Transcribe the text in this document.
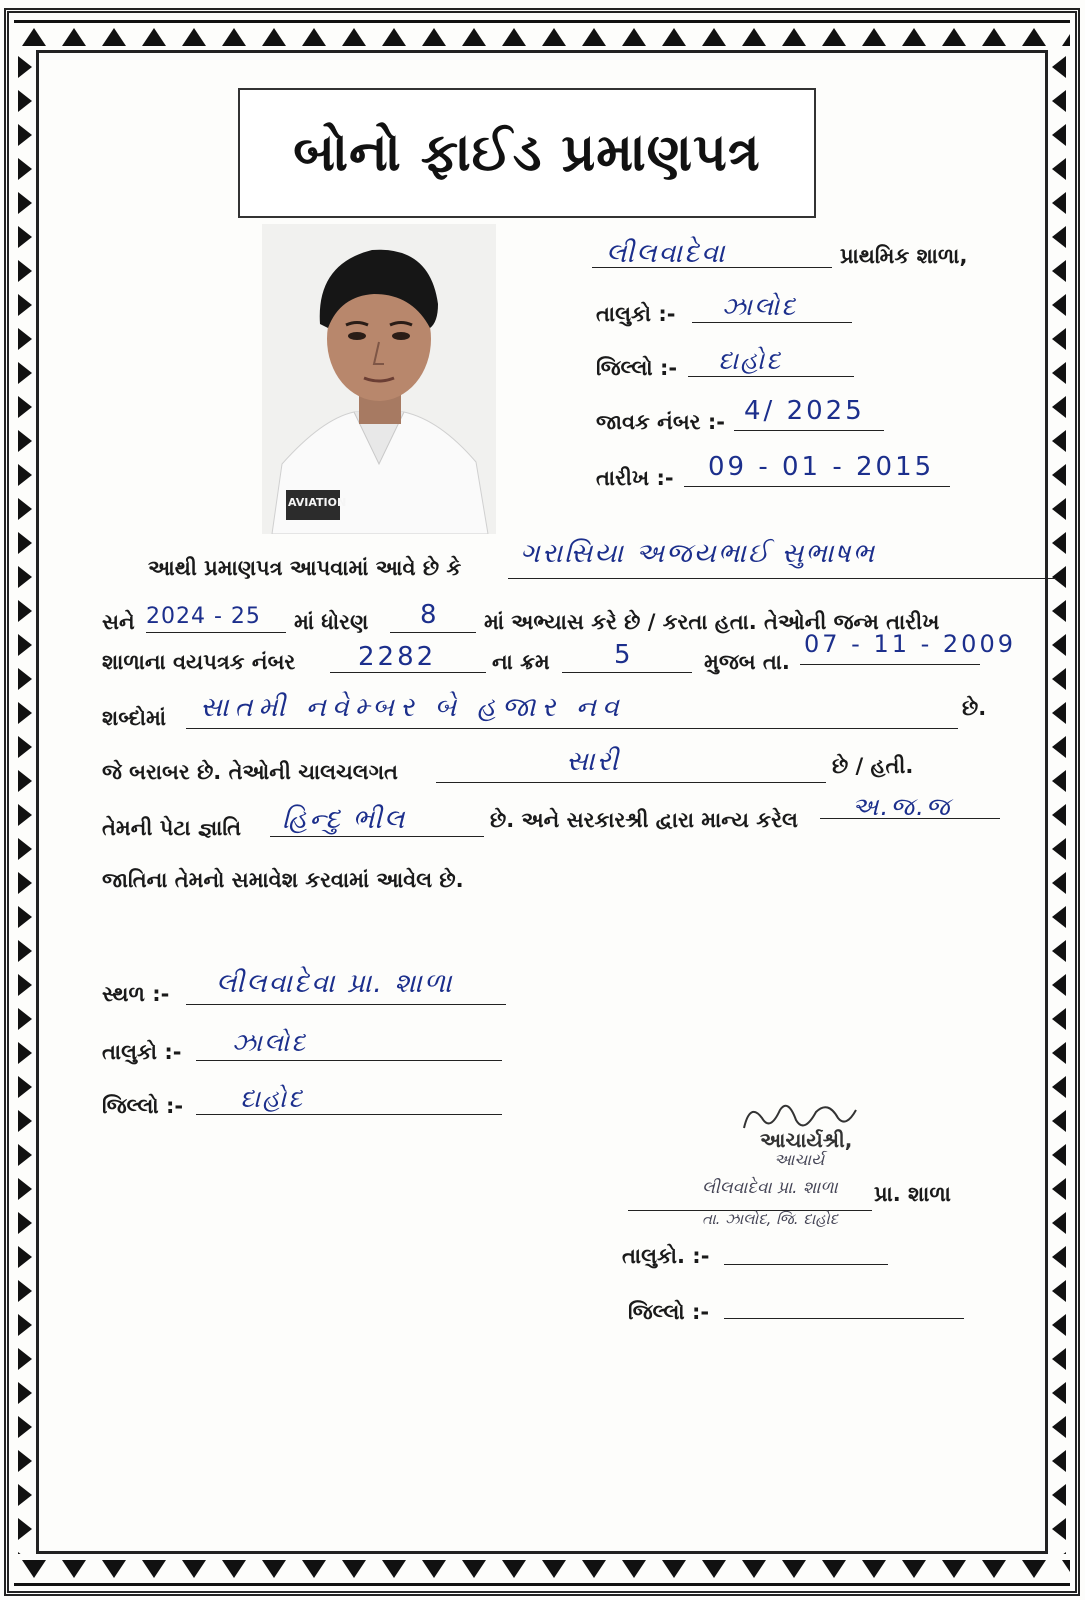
બોનો ફાઈડ પ્રમાણપત્ર
AVIATION
લીલવાદેવા	પ્રાથમિક શાળા,
તાલુકો :- ઝાલોદ
જિલ્લો :- દાહોદ
જાવક નંબર :- 4/ 2025
તારીખ :- 09 - 01 - 2015
આથી પ્રમાણપત્ર આપવામાં આવે છે કે ગરાસિયા અજયભાઈ સુભાષભ
સને 2024 - 25 માં ધોરણ 8 માં અભ્યાસ કરે છે / કરતા હતા. તેઓની જન્મ તારીખ
શાળાના વયપત્રક નંબર 2282	ના ક્રમ 5	મુજબ તા.
07 - 11 - 2009
શબ્દોમાં સાતમી નવેમ્બર બે હજાર નવ	છે.
જે બરાબર છે. તેઓની ચાલચલગત	સારી	છે / હતી.
તેમની પેટા જ્ઞાતિ હિન્દુ ભીલ	છે. અને સરકારશ્રી દ્વારા માન્ય કરેલ અ.જ.જ
જાતિના તેમનો સમાવેશ કરવામાં આવેલ છે.
સ્થળ :- લીલવાદેવા પ્રા. શાળા
તાલુકો :- ઝાલોદ
જિલ્લો :- દાહોદ
આચાર્યશ્રી,
આચાર્ય
લીલવાદેવા પ્રા. શાળા પ્રા. શાળા
તા. ઝાલોદ, જિ. દાહોદ
તાલુકો. :-
જિલ્લો :-
